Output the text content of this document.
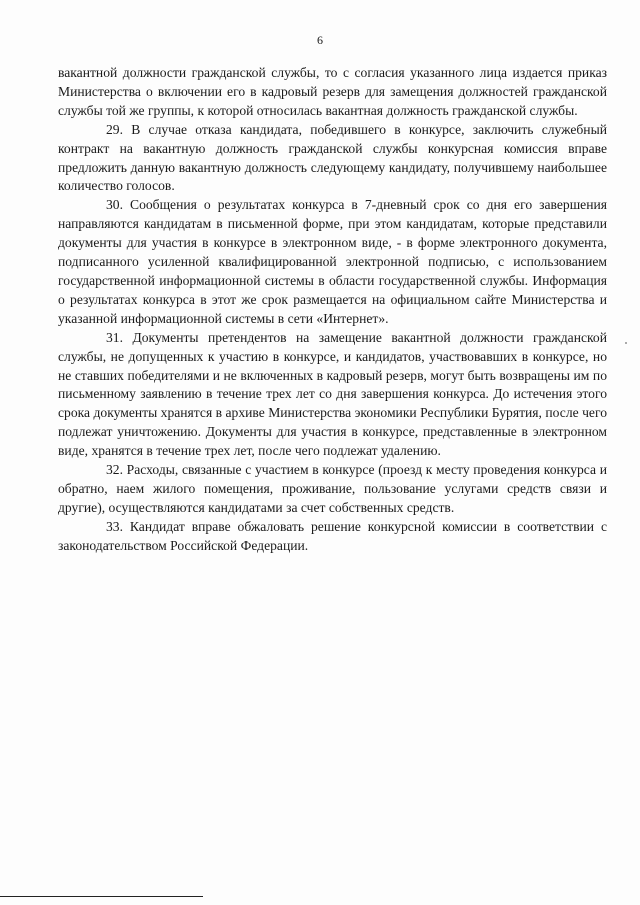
6

вакантной должности гражданской службы, то с согласия указанного лица издается приказ Министерства о включении его в кадровый резерв для замещения должностей гражданской службы той же группы, к которой относилась вакантная должность гражданской службы.

29. В случае отказа кандидата, победившего в конкурсе, заключить служебный контракт на вакантную должность гражданской службы конкурсная комиссия вправе предложить данную вакантную должность следующему кандидату, получившему наибольшее количество голосов.

30. Сообщения о результатах конкурса в 7-дневный срок со дня его завершения направляются кандидатам в письменной форме, при этом кандидатам, которые представили документы для участия в конкурсе в электронном виде, - в форме электронного документа, подписанного усиленной квалифицированной электронной подписью, с использованием государственной информационной системы в области государственной службы. Информация о результатах конкурса в этот же срок размещается на официальном сайте Министерства и указанной информационной системы в сети «Интернет».

31. Документы претендентов на замещение вакантной должности гражданской службы, не допущенных к участию в конкурсе, и кандидатов, участвовавших в конкурсе, но не ставших победителями и не включенных в кадровый резерв, могут быть возвращены им по письменному заявлению в течение трех лет со дня завершения конкурса. До истечения этого срока документы хранятся в архиве Министерства экономики Республики Бурятия, после чего подлежат уничтожению. Документы для участия в конкурсе, представленные в электронном виде, хранятся в течение трех лет, после чего подлежат удалению.

32. Расходы, связанные с участием в конкурсе (проезд к месту проведения конкурса и обратно, наем жилого помещения, проживание, пользование услугами средств связи и другие), осуществляются кандидатами за счет собственных средств.

33. Кандидат вправе обжаловать решение конкурсной комиссии в соответствии с законодательством Российской Федерации.
